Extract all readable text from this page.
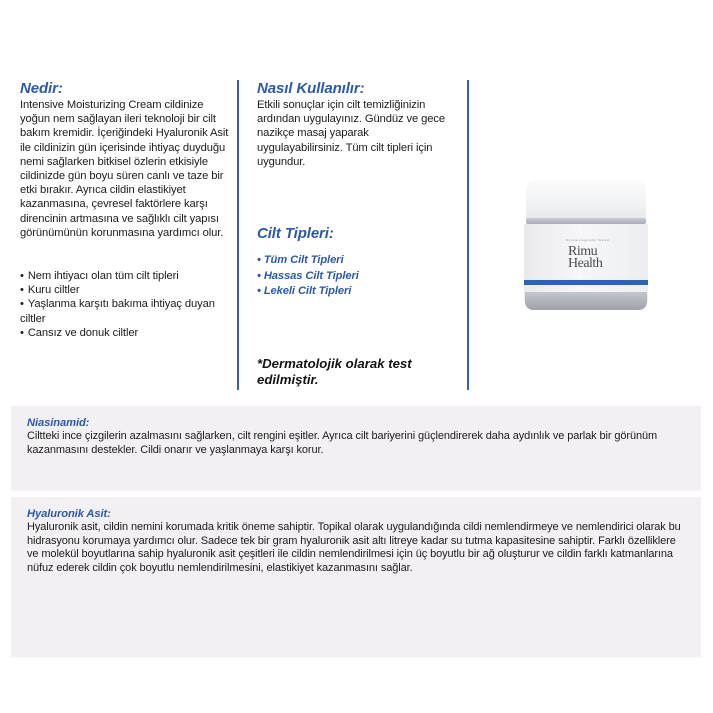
Nedir:

Intensive Moisturizing Cream cildinize yoğun nem sağlayan ileri teknoloji bir cilt bakım kremidir. İçeriğindeki Hyaluronik Asit ile cildinizin gün içerisinde ihtiyaç duyduğu nemi sağlarken bitkisel özlerin etkisiyle cildinizde gün boyu süren canlı ve taze bir etki bırakır. Ayrıca cildin elastikiyet kazanmasına, çevresel faktörlere karşı direncinin artmasına ve sağlıklı cilt yapısı görünümünün korunmasına yardımcı olur.

• Nem ihtiyacı olan tüm cilt tipleri
• Kuru ciltler
• Yaşlanma karşıtı bakıma ihtiyaç duyan ciltler
• Cansız ve donuk ciltler
Nasıl Kullanılır:

Etkili sonuçlar için cilt temizliğinizin ardından uygulayınız. Gündüz ve gece nazikçe masaj yaparak uygulayabilirsiniz. Tüm cilt tipleri için uygundur.

Cilt Tipleri:
• Tüm Cilt Tipleri
• Hassas Cilt Tipleri
• Lekeli Cilt Tipleri
*Dermatolojik olarak test edilmiştir.
Dermatologically Tested
Rimu
Health
Niasinamid:

Ciltteki ince çizgilerin azalmasını sağlarken, cilt rengini eşitler. Ayrıca cilt bariyerini güçlendirerek daha aydınlık ve parlak bir görünüm kazanmasını destekler. Cildi onarır ve yaşlanmaya karşı korur.

Hyaluronik Asit:

Hyaluronik asit, cildin nemini korumada kritik öneme sahiptir. Topikal olarak uygulandığında cildi nemlendirmeye ve nemlendirici olarak bu hidrasyonu korumaya yardımcı olur. Sadece tek bir gram hyaluronik asit altı litreye kadar su tutma kapasitesine sahiptir. Farklı özelliklere ve molekül boyutlarına sahip hyaluronik asit çeşitleri ile cildin nemlendirilmesi için üç boyutlu bir ağ oluşturur ve cildin farklı katmanlarına nüfuz ederek cildin çok boyutlu nemlendirilmesini, elastikiyet kazanmasını sağlar.
